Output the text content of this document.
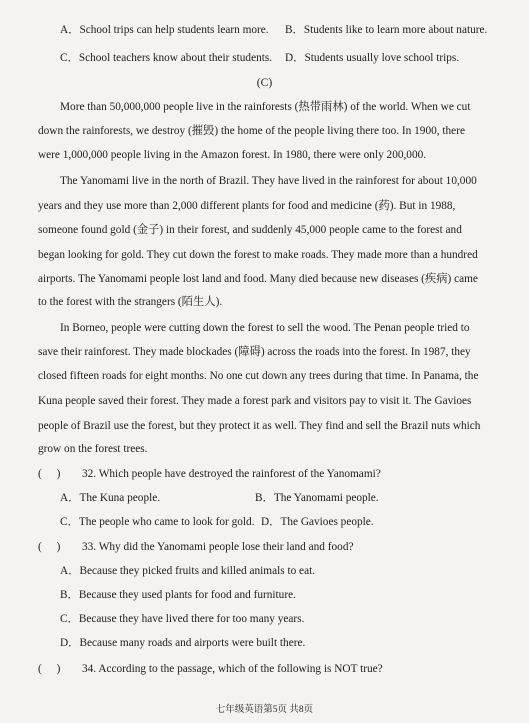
A．School trips can help students learn more. B．Students like to learn more about nature.
C．School teachers know about their students. D．Students usually love school trips.
(C)
More than 50,000,000 people live in the rainforests (热带雨林) of the world. When we cut
down the rainforests, we destroy (摧毁) the home of the people living there too. In 1900, there
were 1,000,000 people living in the Amazon forest. In 1980, there were only 200,000.
The Yanomami live in the north of Brazil. They have lived in the rainforest for about 10,000
years and they use more than 2,000 different plants for food and medicine (药). But in 1988,
someone found gold (金子) in their forest, and suddenly 45,000 people came to the forest and
began looking for gold. They cut down the forest to make roads. They made more than a hundred
airports. The Yanomami people lost land and food. Many died because new diseases (疾病) came
to the forest with the strangers (陌生人).
In Borneo, people were cutting down the forest to sell the wood. The Penan people tried to
save their rainforest. They made blockades (障碍) across the roads into the forest. In 1987, they
closed fifteen roads for eight months. No one cut down any trees during that time. In Panama, the
Kuna people saved their forest. They made a forest park and visitors pay to visit it. The Gavioes
people of Brazil use the forest, but they protect it as well. They find and sell the Brazil nuts which
grow on the forest trees.
( ) 32. Which people have destroyed the rainforest of the Yanomami?
A．The Kuna people.	B．The Yanomami people.
C．The people who came to look for gold. D．The Gavioes people.
( ) 33. Why did the Yanomami people lose their land and food?
A．Because they picked fruits and killed animals to eat.
B．Because they used plants for food and furniture.
C．Because they have lived there for too many years.
D．Because many roads and airports were built there.
( ) 34. According to the passage, which of the following is NOT true?
七年级英语第5页 共8页
